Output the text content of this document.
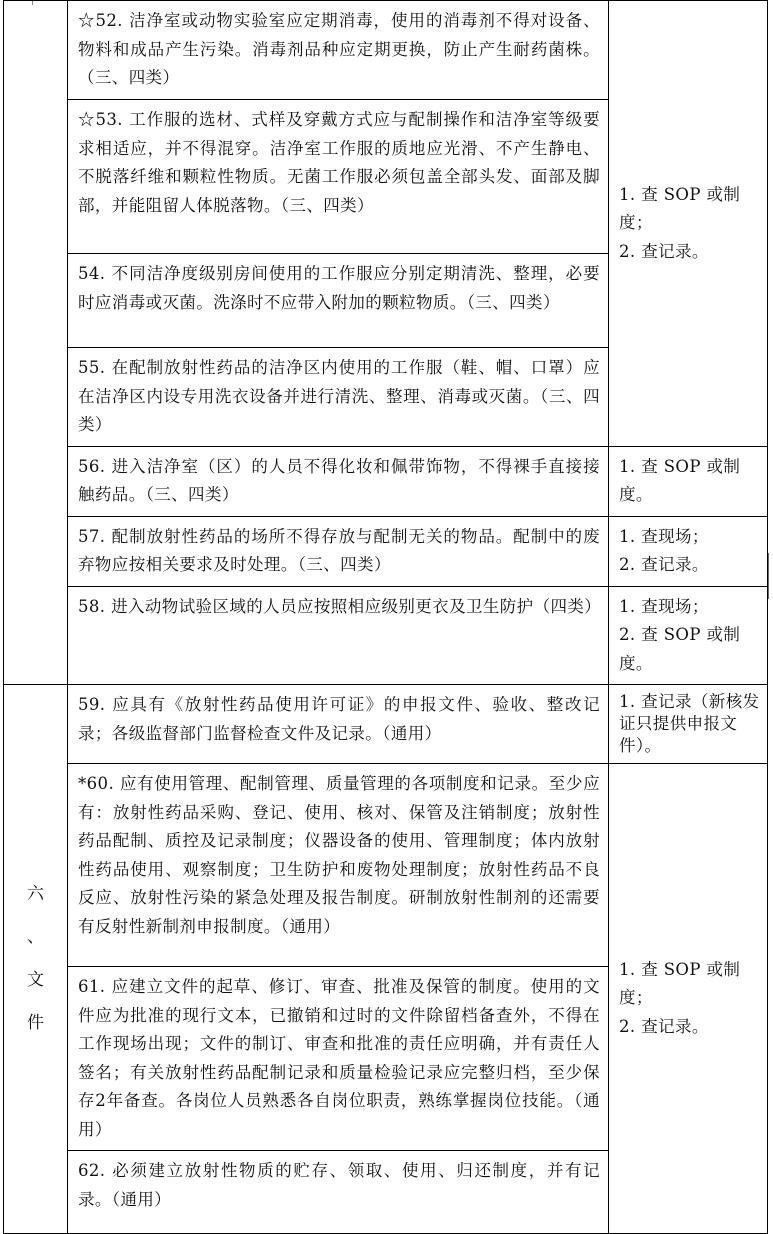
	☆52. 洁净室或动物实验室应定期消毒，使用的消毒剂不得对设备、物料和成品产生污染。消毒剂品种应定期更换，防止产生耐药菌株。（三、四类）	1. 查 SOP 或制度；
2. 查记录。

	☆53. 工作服的选材、式样及穿戴方式应与配制操作和洁净室等级要求相适应，并不得混穿。洁净室工作服的质地应光滑、不产生静电、不脱落纤维和颗粒性物质。无菌工作服必须包盖全部头发、面部及脚部，并能阻留人体脱落物。（三、四类）	
	54. 不同洁净度级别房间使用的工作服应分别定期清洗、整理，必要时应消毒或灭菌。洗涤时不应带入附加的颗粒物质。（三、四类）	
	55. 在配制放射性药品的洁净区内使用的工作服（鞋、帽、口罩）应在洁净区内设专用洗衣设备并进行清洗、整理、消毒或灭菌。（三、四类）	
	56. 进入洁净室（区）的人员不得化妆和佩带饰物，不得裸手直接接触药品。（三、四类）	1. 查 SOP 或制度。

	57. 配制放射性药品的场所不得存放与配制无关的物品。配制中的废弃物应按相关要求及时处理。（三、四类）	1. 查现场；
2. 查记录。

	58. 进入动物试验区域的人员应按照相应级别更衣及卫生防护（四类）	1. 查现场；
2. 查 SOP 或制度。

六
、
文
件	59. 应具有《放射性药品使用许可证》的申报文件、验收、整改记录；各级监督部门监督检查文件及记录。（通用）	1. 查记录（新核发证只提供申报文件）。

	*60. 应有使用管理、配制管理、质量管理的各项制度和记录。至少应有：放射性药品采购、登记、使用、核对、保管及注销制度；放射性药品配制、质控及记录制度；仪器设备的使用、管理制度；体内放射性药品使用、观察制度；卫生防护和废物处理制度；放射性药品不良反应、放射性污染的紧急处理及报告制度。研制放射性制剂的还需要有反射性新制剂申报制度。（通用）	1. 查 SOP 或制度；
2. 查记录。

	61. 应建立文件的起草、修订、审查、批准及保管的制度。使用的文件应为批准的现行文本，已撤销和过时的文件除留档备查外，不得在工作现场出现；文件的制订、审查和批准的责任应明确，并有责任人签名；有关放射性药品配制记录和质量检验记录应完整归档，至少保存2年备查。各岗位人员熟悉各自岗位职责，熟练掌握岗位技能。（通用）	
	62. 必须建立放射性物质的贮存、领取、使用、归还制度，并有记录。（通用）	
